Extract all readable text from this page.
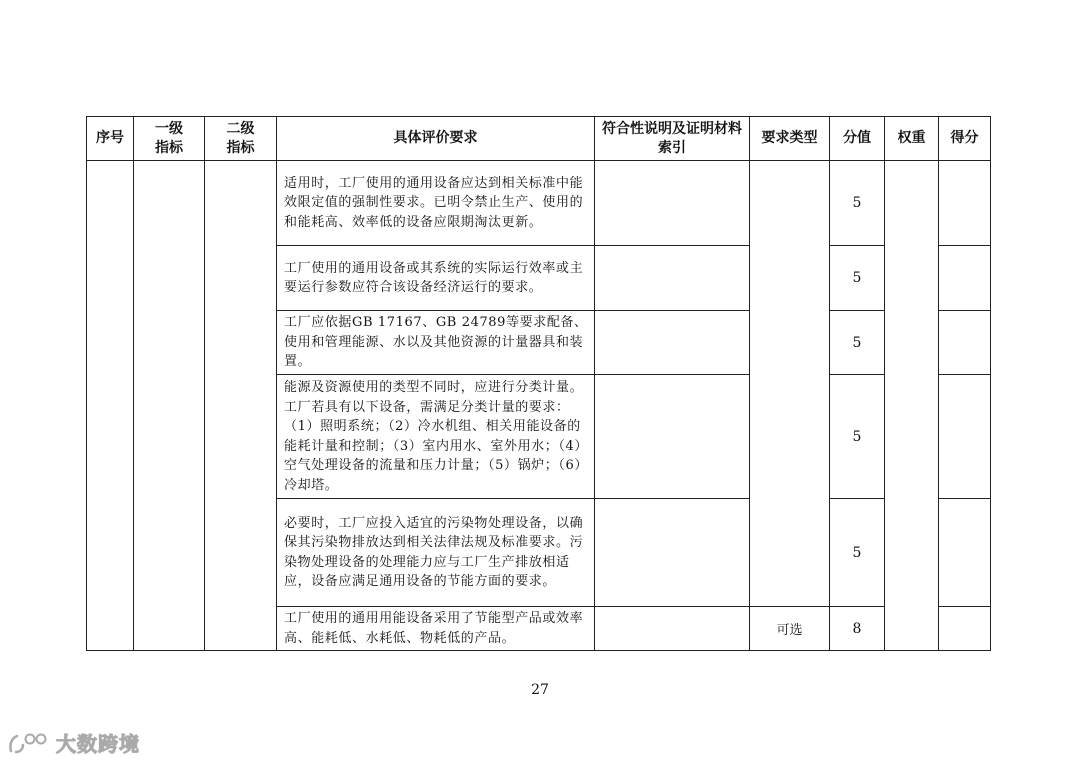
序号	一级指标	二级指标	具体评价要求	符合性说明及证明材料索引	要求类型	分值	权重	得分
			适用时，工厂使用的通用设备应达到相关标准中能效限定值的强制性要求。已明令禁止生产、使用的和能耗高、效率低的设备应限期淘汰更新。			5		
			工厂使用的通用设备或其系统的实际运行效率或主要运行参数应符合该设备经济运行的要求。			5		
			工厂应依据GB 17167、GB 24789等要求配备、使用和管理能源、水以及其他资源的计量器具和装置。			5		
			能源及资源使用的类型不同时，应进行分类计量。工厂若具有以下设备，需满足分类计量的要求：（1）照明系统；（2）冷水机组、相关用能设备的能耗计量和控制；（3）室内用水、室外用水；（4）空气处理设备的流量和压力计量；（5）锅炉；（6）冷却塔。			5		
			必要时，工厂应投入适宜的污染物处理设备，以确保其污染物排放达到相关法律法规及标准要求。污染物处理设备的处理能力应与工厂生产排放相适应，设备应满足通用设备的节能方面的要求。			5		
			工厂使用的通用用能设备采用了节能型产品或效率高、能耗低、水耗低、物耗低的产品。		可选	8		
27
大数跨境
